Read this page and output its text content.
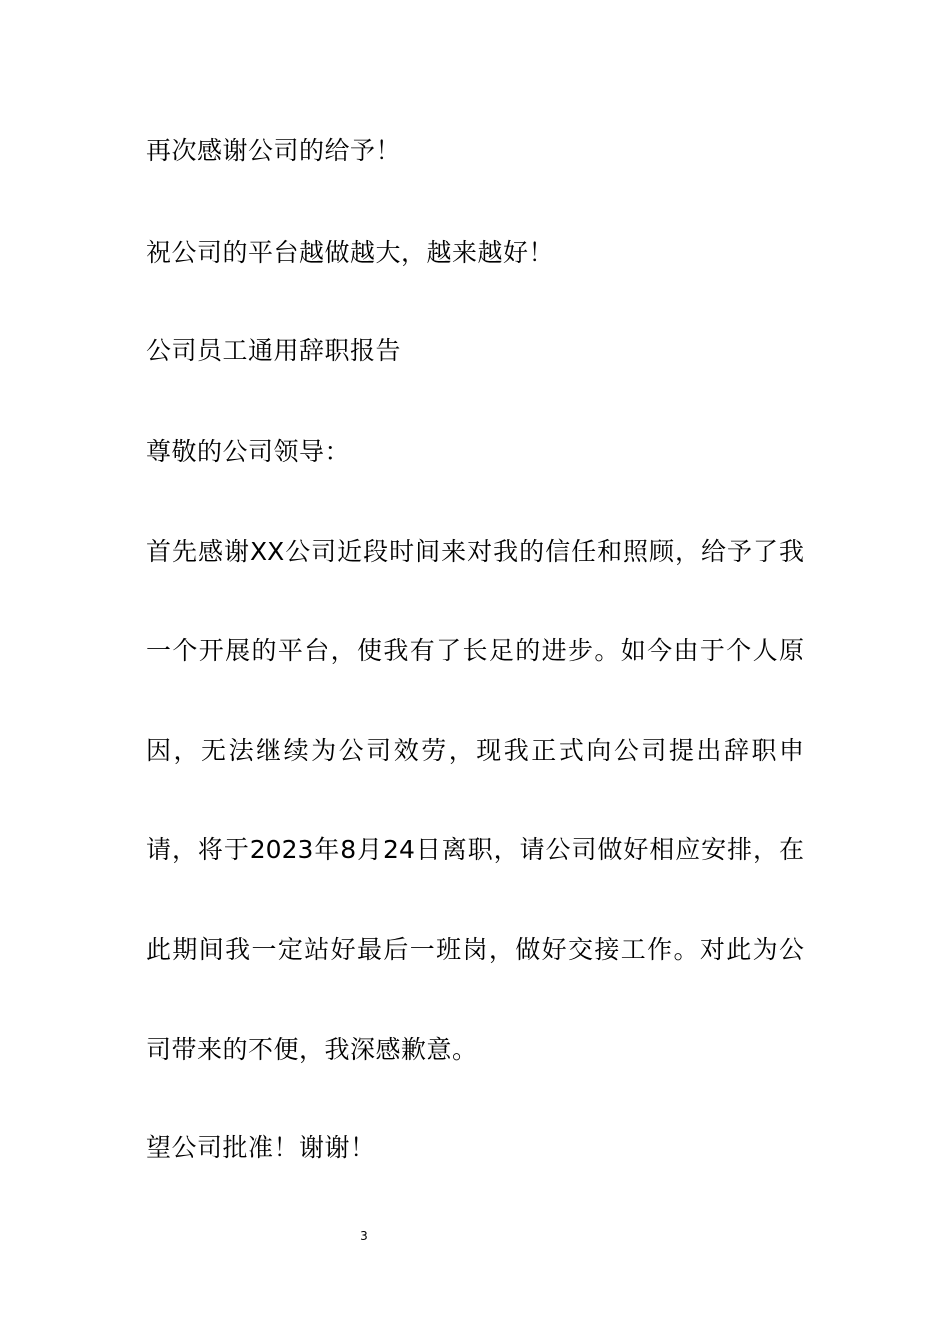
再次感谢公司的给予！
祝公司的平台越做越大，越来越好！
公司员工通用辞职报告
尊敬的公司领导：
首先感谢XX公司近段时间来对我的信任和照顾，给予了我
一个开展的平台，使我有了长足的进步。如今由于个人原
因，无法继续为公司效劳，现我正式向公司提出辞职申
请，将于2023年8月24日离职，请公司做好相应安排，在
此期间我一定站好最后一班岗，做好交接工作。对此为公
司带来的不便，我深感歉意。
望公司批准！谢谢！
3
